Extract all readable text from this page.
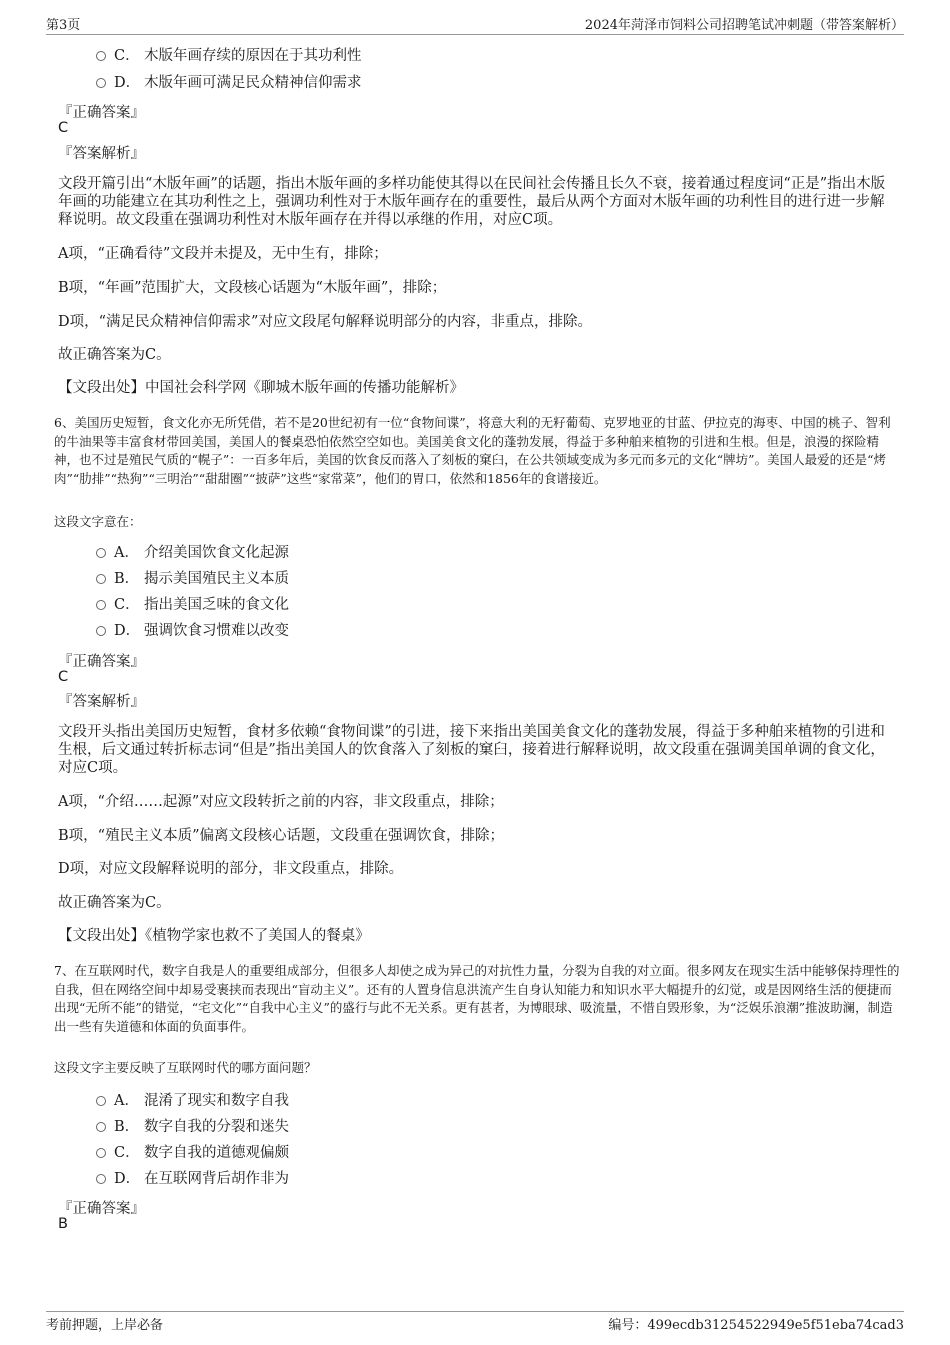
第3页	2024年菏泽市饲料公司招聘笔试冲刺题（带答案解析）
C． 木版年画存续的原因在于其功利性
D． 木版年画可满足民众精神信仰需求
『正确答案』
C
『答案解析』
文段开篇引出“木版年画”的话题，指出木版年画的多样功能使其得以在民间社会传播且长久不衰，接着通过程度词“正是”指出木版年画的功能建立在其功利性之上，强调功利性对于木版年画存在的重要性，最后从两个方面对木版年画的功利性目的进行进一步解释说明。故文段重在强调功利性对木版年画存在并得以承继的作用，对应C项。
A项，“正确看待”文段并未提及，无中生有，排除；
B项，“年画”范围扩大，文段核心话题为“木版年画”，排除；
D项，“满足民众精神信仰需求”对应文段尾句解释说明部分的内容，非重点，排除。
故正确答案为C。
【文段出处】中国社会科学网《聊城木版年画的传播功能解析》
6、美国历史短暂，食文化亦无所凭借，若不是20世纪初有一位“食物间谍”，将意大利的无籽葡萄、克罗地亚的甘蓝、伊拉克的海枣、中国的桃子、智利的牛油果等丰富食材带回美国，美国人的餐桌恐怕依然空空如也。美国美食文化的蓬勃发展，得益于多种舶来植物的引进和生根。但是，浪漫的探险精神，也不过是殖民气质的“幌子”：一百多年后，美国的饮食反而落入了刻板的窠臼，在公共领域变成为多元而多元的文化“牌坊”。美国人最爱的还是“烤肉”“肋排”“热狗”“三明治”“甜甜圈”“披萨”这些“家常菜”，他们的胃口，依然和1856年的食谱接近。
这段文字意在：
A． 介绍美国饮食文化起源
B． 揭示美国殖民主义本质
C． 指出美国乏味的食文化
D． 强调饮食习惯难以改变
『正确答案』
C
『答案解析』
文段开头指出美国历史短暂，食材多依赖“食物间谍”的引进，接下来指出美国美食文化的蓬勃发展，得益于多种舶来植物的引进和生根，后文通过转折标志词“但是”指出美国人的饮食落入了刻板的窠臼，接着进行解释说明，故文段重在强调美国单调的食文化，对应C项。
A项，“介绍……起源”对应文段转折之前的内容，非文段重点，排除；
B项，“殖民主义本质”偏离文段核心话题，文段重在强调饮食，排除；
D项，对应文段解释说明的部分，非文段重点，排除。
故正确答案为C。
【文段出处】《植物学家也救不了美国人的餐桌》
7、在互联网时代，数字自我是人的重要组成部分，但很多人却使之成为异己的对抗性力量，分裂为自我的对立面。很多网友在现实生活中能够保持理性的自我，但在网络空间中却易受裹挟而表现出“盲动主义”。还有的人置身信息洪流产生自身认知能力和知识水平大幅提升的幻觉，或是因网络生活的便捷而出现“无所不能”的错觉，“宅文化”“自我中心主义”的盛行与此不无关系。更有甚者，为博眼球、吸流量，不惜自毁形象，为“泛娱乐浪潮”推波助澜，制造出一些有失道德和体面的负面事件。
这段文字主要反映了互联网时代的哪方面问题？
A． 混淆了现实和数字自我
B． 数字自我的分裂和迷失
C． 数字自我的道德观偏颇
D． 在互联网背后胡作非为
『正确答案』
B
考前押题，上岸必备	编号：499ecdb31254522949e5f51eba74cad3
